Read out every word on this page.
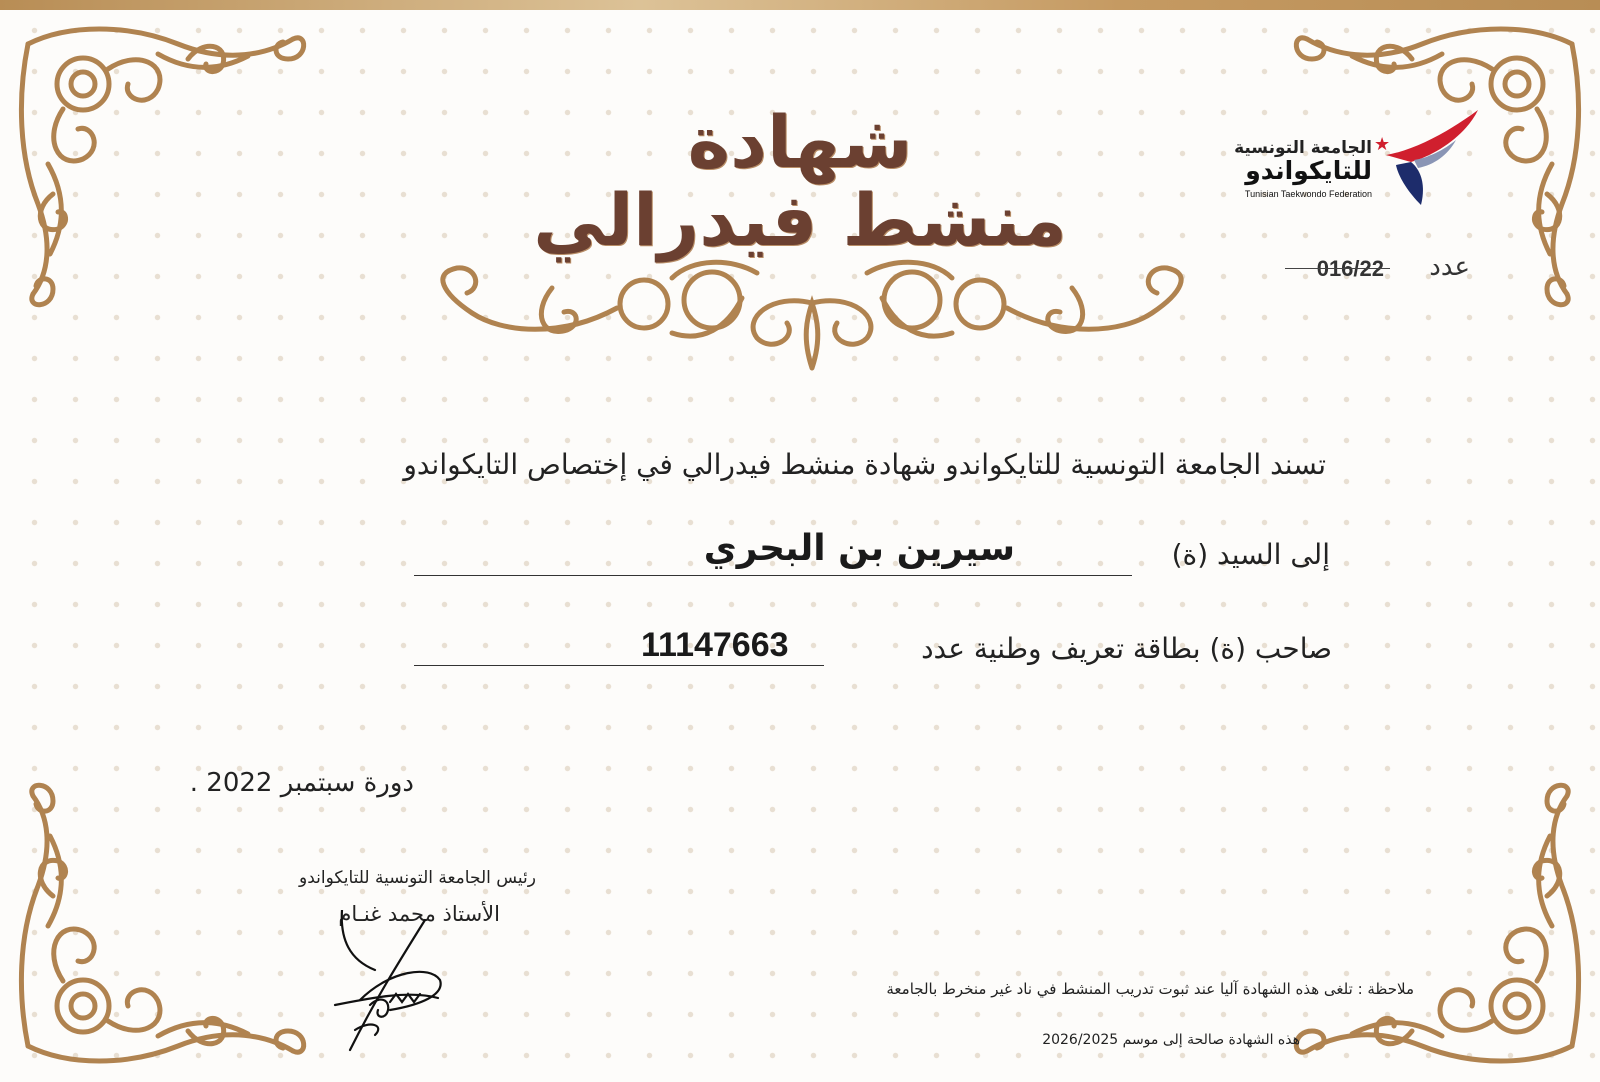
شهادة
منشط فيدرالي
الجامعة التونسية
للتايكواندو
Tunisian Taekwondo Federation
★
عدد
016/22
تسند الجامعة التونسية للتايكواندو شهادة منشط فيدرالي في إختصاص التايكواندو
إلى السيد (ة)
سيرين بن البحري
صاحب (ة) بطاقة تعريف وطنية عدد
11147663
دورة سبتمبر 2022 .
رئيس الجامعة التونسية للتايكواندو
الأستاذ محمد غنـام
ملاحظة : تلغى هذه الشهادة آليا عند ثبوت تدريب المنشط في ناد غير منخرط بالجامعة
هذه الشهادة صالحة إلى موسم 2026/2025
